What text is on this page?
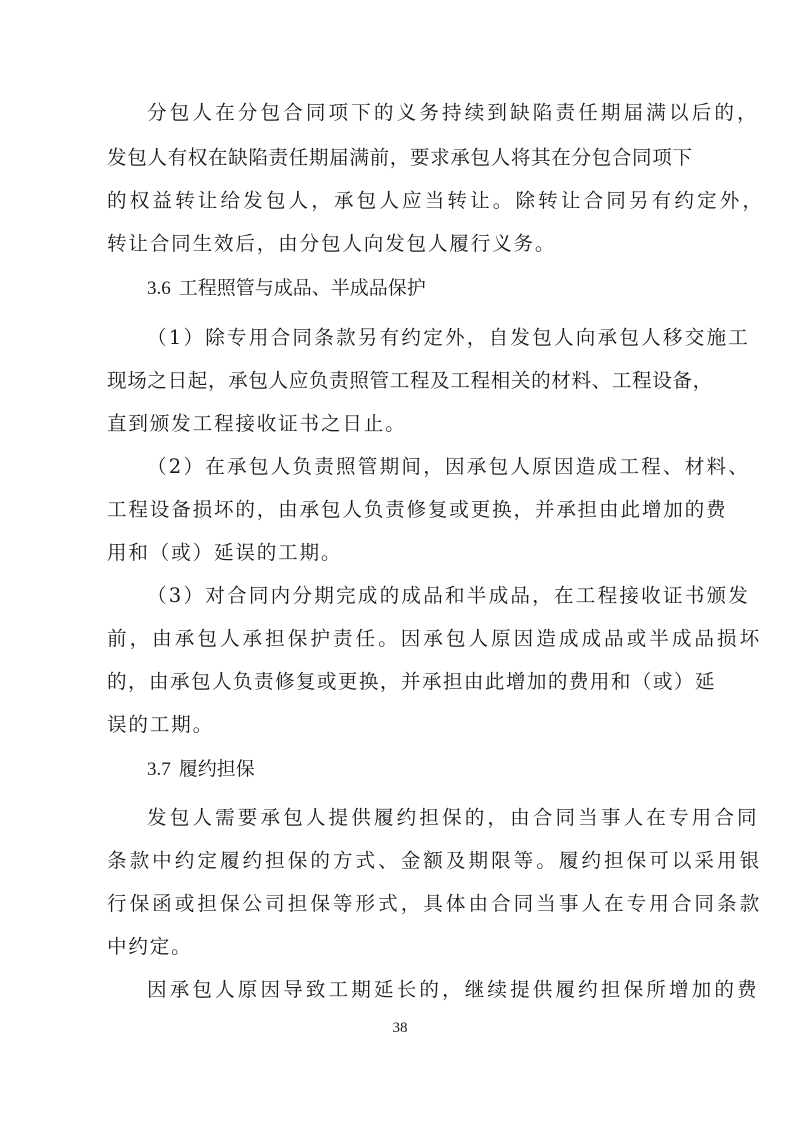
分包人在分包合同项下的义务持续到缺陷责任期届满以后的，
发包人有权在缺陷责任期届满前，要求承包人将其在分包合同项下
的权益转让给发包人，承包人应当转让。除转让合同另有约定外，
转让合同生效后，由分包人向发包人履行义务。
3.6 工程照管与成品、半成品保护
（1）除专用合同条款另有约定外，自发包人向承包人移交施工
现场之日起，承包人应负责照管工程及工程相关的材料、工程设备，
直到颁发工程接收证书之日止。
（2）在承包人负责照管期间，因承包人原因造成工程、材料、
工程设备损坏的，由承包人负责修复或更换，并承担由此增加的费
用和（或）延误的工期。
（3）对合同内分期完成的成品和半成品，在工程接收证书颁发
前，由承包人承担保护责任。因承包人原因造成成品或半成品损坏
的，由承包人负责修复或更换，并承担由此增加的费用和（或）延
误的工期。
3.7 履约担保
发包人需要承包人提供履约担保的，由合同当事人在专用合同
条款中约定履约担保的方式、金额及期限等。履约担保可以采用银
行保函或担保公司担保等形式，具体由合同当事人在专用合同条款
中约定。
因承包人原因导致工期延长的，继续提供履约担保所增加的费
38
